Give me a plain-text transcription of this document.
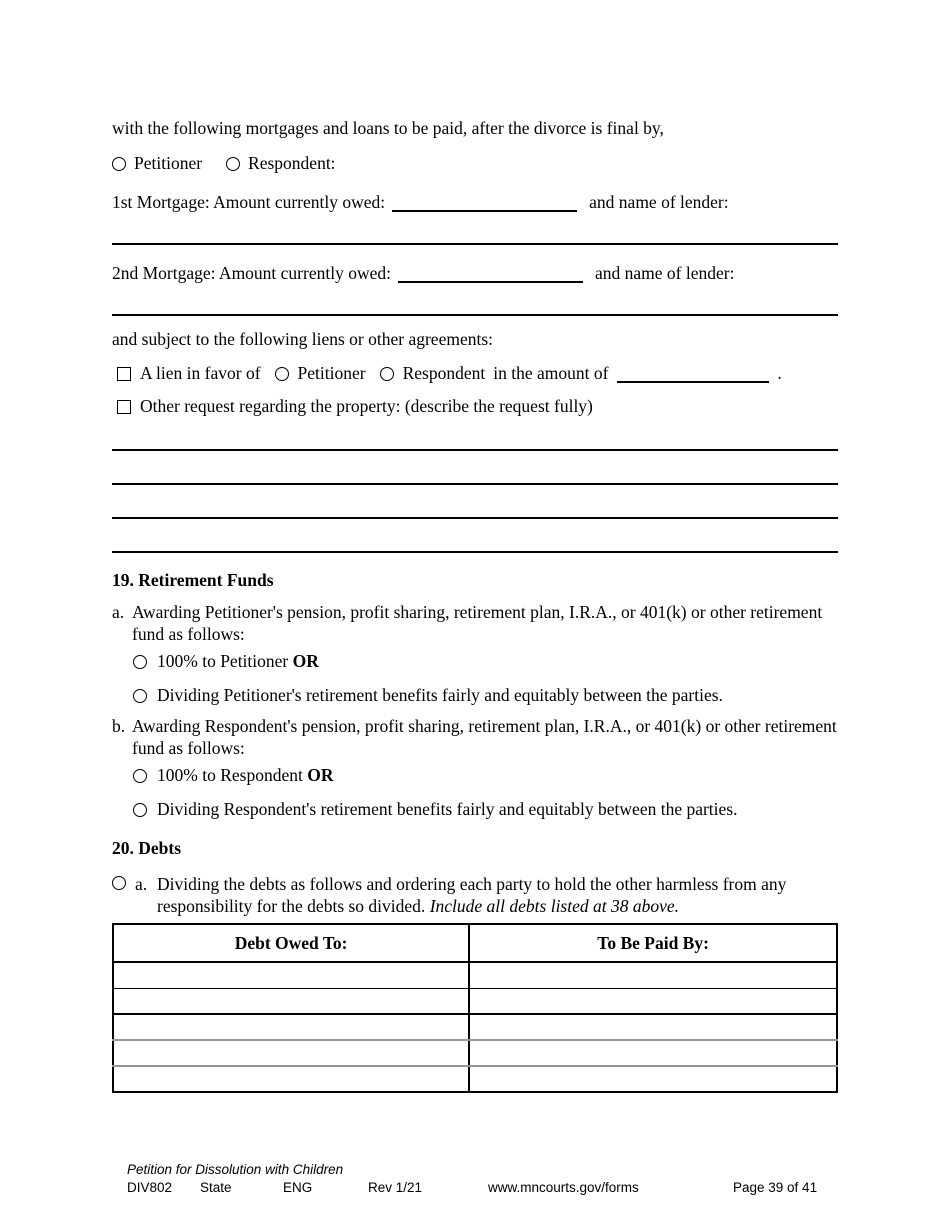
with the following mortgages and loans to be paid, after the divorce is final by,
Petitioner	Respondent:
1st Mortgage: Amount currently owed:	and name of lender:
2nd Mortgage: Amount currently owed:	and name of lender:
and subject to the following liens or other agreements:
A lien in favor of Petitioner Respondent in the amount of	.
Other request regarding the property: (describe the request fully)
19. Retirement Funds
a. Awarding Petitioner's pension, profit sharing, retirement plan, I.R.A., or 401(k) or other retirement fund as follows:
100% to Petitioner OR
Dividing Petitioner's retirement benefits fairly and equitably between the parties.
b. Awarding Respondent's pension, profit sharing, retirement plan, I.R.A., or 401(k) or other retirement fund as follows:
100% to Respondent OR
Dividing Respondent's retirement benefits fairly and equitably between the parties.
20. Debts
a. Dividing the debts as follows and ordering each party to hold the other harmless from any responsibility for the debts so divided. Include all debts listed at 38 above.
Debt Owed To:	To Be Paid By:

Petition for Dissolution with Children
DIV802 State	ENG	Rev 1/21	www.mncourts.gov/forms	Page 39 of 41
